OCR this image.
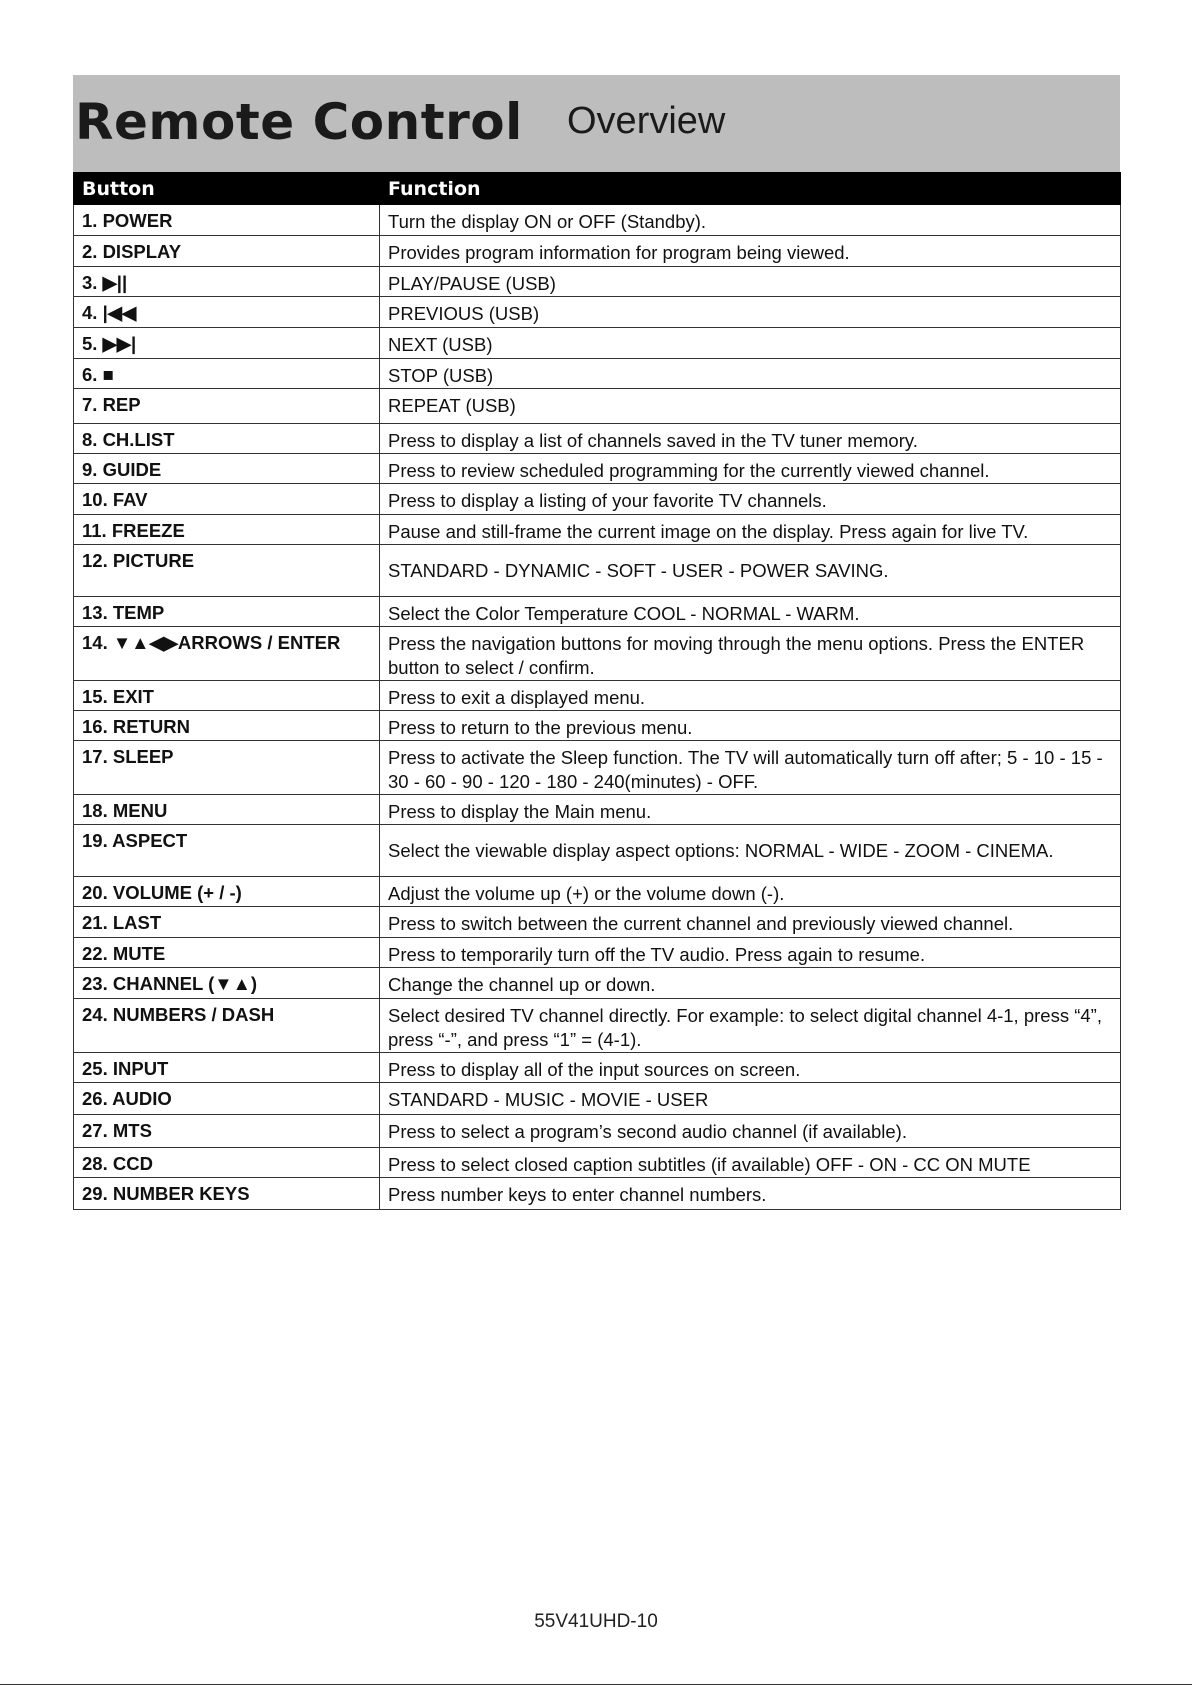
Remote Control Overview
Button	Function
1. POWER	Turn the display ON or OFF (Standby).
2. DISPLAY	Provides program information for program being viewed.
3. ▶||	PLAY/PAUSE (USB)
4. |◀◀	PREVIOUS (USB)
5. ▶▶|	NEXT (USB)
6. ■	STOP (USB)
7. REP	REPEAT (USB)
8. CH.LIST	Press to display a list of channels saved in the TV tuner memory.
9. GUIDE	Press to review scheduled programming for the currently viewed channel.
10. FAV	Press to display a listing of your favorite TV channels.
11. FREEZE	Pause and still-frame the current image on the display. Press again for live TV.
12. PICTURE	STANDARD - DYNAMIC - SOFT - USER - POWER SAVING.
13. TEMP	Select the Color Temperature COOL - NORMAL - WARM.
14. ▼▲◀▶ARROWS / ENTER	Press the navigation buttons for moving through the menu options. Press the ENTER button to select / confirm.
15. EXIT	Press to exit a displayed menu.
16. RETURN	Press to return to the previous menu.
17. SLEEP	Press to activate the Sleep function. The TV will automatically turn off after; 5 - 10 - 15 - 30 - 60 - 90 - 120 - 180 - 240(minutes) - OFF.
18. MENU	Press to display the Main menu.
19. ASPECT	Select the viewable display aspect options: NORMAL - WIDE - ZOOM - CINEMA.
20. VOLUME (+ / -)	Adjust the volume up (+) or the volume down (-).
21. LAST	Press to switch between the current channel and previously viewed channel.
22. MUTE	Press to temporarily turn off the TV audio. Press again to resume.
23. CHANNEL (▼▲)	Change the channel up or down.
24. NUMBERS / DASH	Select desired TV channel directly. For example: to select digital channel 4-1, press “4”, press “-”, and press “1” = (4-1).
25. INPUT	Press to display all of the input sources on screen.
26. AUDIO	STANDARD - MUSIC - MOVIE - USER
27. MTS	Press to select a program’s second audio channel (if available).
28. CCD	Press to select closed caption subtitles (if available) OFF - ON - CC ON MUTE
29. NUMBER KEYS	Press number keys to enter channel numbers.
55V41UHD-10
